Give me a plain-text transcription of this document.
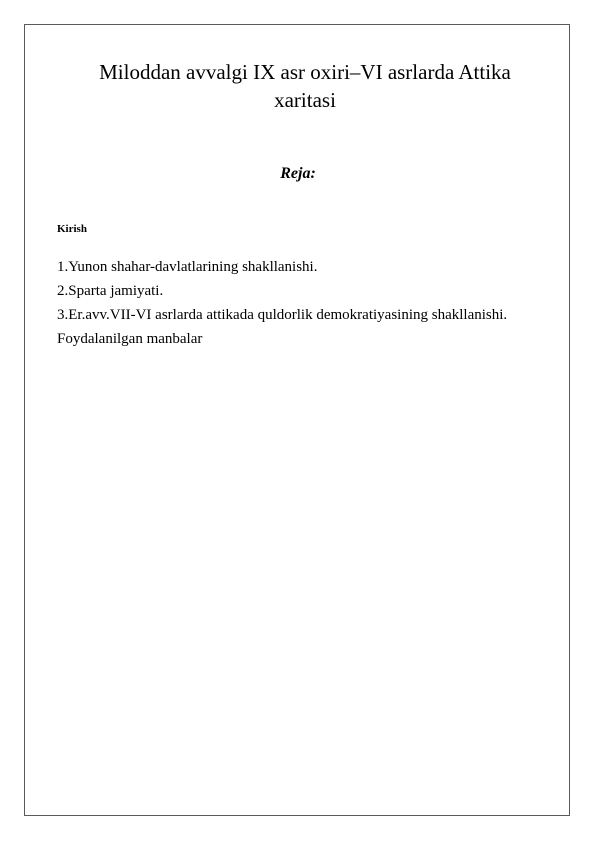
Miloddan avvalgi IX asr oxiri–VI asrlarda Attika xaritasi
Reja:

Kirish

1.Yunon shahar-davlatlarining shakllanishi.
2.Sparta jamiyati.
3.Er.avv.VII-VI asrlarda attikada quldorlik demokratiyasining shakllanishi.
Foydalanilgan manbalar
